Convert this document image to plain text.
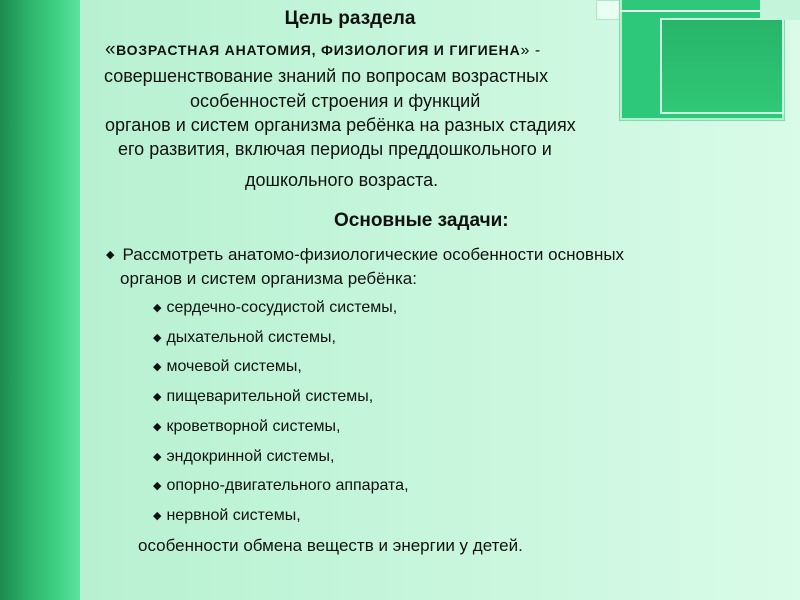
Цель раздела
«ВОЗРАСТНАЯ АНАТОМИЯ, ФИЗИОЛОГИЯ И ГИГИЕНА» -
совершенствование знаний по вопросам возрастных
особенностей строения и функций
органов и систем организма ребёнка на разных стадиях
его развития, включая периоды преддошкольного и
дошкольного возраста.
Основные задачи:
◆ Рассмотреть анатомо-физиологические особенности основных
органов и систем организма ребёнка:
◆ сердечно-сосудистой системы,
◆ дыхательной системы,
◆ мочевой системы,
◆ пищеварительной системы,
◆ кроветворной системы,
◆ эндокринной системы,
◆ опорно-двигательного аппарата,
◆ нервной системы,
особенности обмена веществ и энергии у детей.
